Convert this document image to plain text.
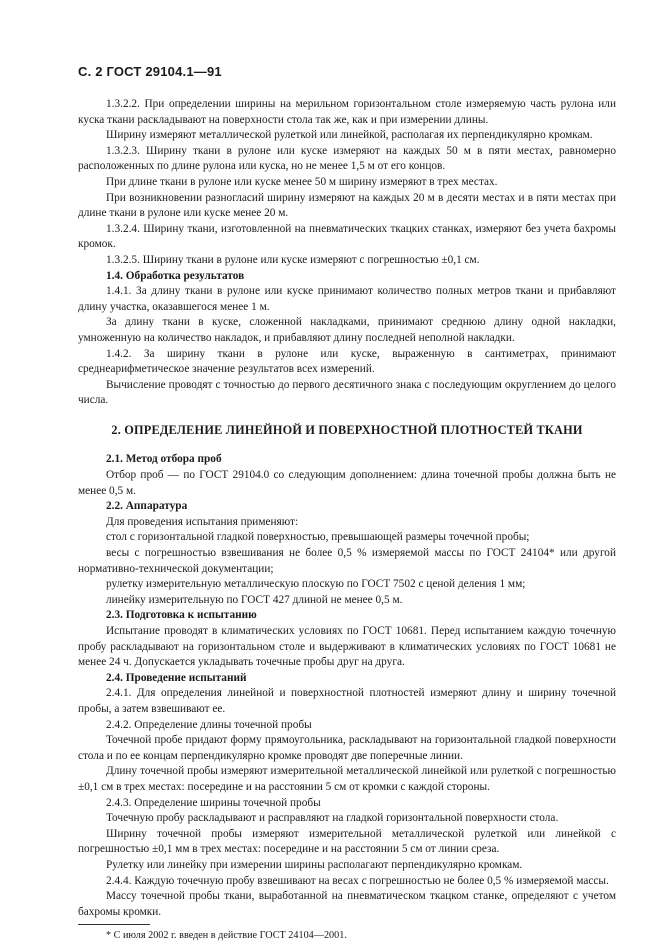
С. 2 ГОСТ 29104.1—91

1.3.2.2. При определении ширины на мерильном горизонтальном столе измеряемую часть рулона или куска ткани раскладывают на поверхности стола так же, как и при измерении длины.

Ширину измеряют металлической рулеткой или линейкой, располагая их перпендикулярно кромкам.

1.3.2.3. Ширину ткани в рулоне или куске измеряют на каждых 50 м в пяти местах, равномерно расположенных по длине рулона или куска, но не менее 1,5 м от его концов.

При длине ткани в рулоне или куске менее 50 м ширину измеряют в трех местах.

При возникновении разногласий ширину измеряют на каждых 20 м в десяти местах и в пяти местах при длине ткани в рулоне или куске менее 20 м.

1.3.2.4. Ширину ткани, изготовленной на пневматических ткацких станках, измеряют без учета бахромы кромок.

1.3.2.5. Ширину ткани в рулоне или куске измеряют с погрешностью ±0,1 см.

1.4. Обработка результатов

1.4.1. За длину ткани в рулоне или куске принимают количество полных метров ткани и прибавляют длину участка, оказавшегося менее 1 м.

За длину ткани в куске, сложенной накладками, принимают среднюю длину одной накладки, умноженную на количество накладок, и прибавляют длину последней неполной накладки.

1.4.2. За ширину ткани в рулоне или куске, выраженную в сантиметрах, принимают среднеарифметическое значение результатов всех измерений.

Вычисление проводят с точностью до первого десятичного знака с последующим округлением до целого числа.

2. ОПРЕДЕЛЕНИЕ ЛИНЕЙНОЙ И ПОВЕРХНОСТНОЙ ПЛОТНОСТЕЙ ТКАНИ

2.1. Метод отбора проб

Отбор проб — по ГОСТ 29104.0 со следующим дополнением: длина точечной пробы должна быть не менее 0,5 м.

2.2. Аппаратура

Для проведения испытания применяют:

стол с горизонтальной гладкой поверхностью, превышающей размеры точечной пробы;

весы с погрешностью взвешивания не более 0,5 % измеряемой массы по ГОСТ 24104* или другой нормативно-технической документации;

рулетку измерительную металлическую плоскую по ГОСТ 7502 с ценой деления 1 мм;

линейку измерительную по ГОСТ 427 длиной не менее 0,5 м.

2.3. Подготовка к испытанию

Испытание проводят в климатических условиях по ГОСТ 10681. Перед испытанием каждую точечную пробу раскладывают на горизонтальном столе и выдерживают в климатических условиях по ГОСТ 10681 не менее 24 ч. Допускается укладывать точечные пробы друг на друга.

2.4. Проведение испытаний

2.4.1. Для определения линейной и поверхностной плотностей измеряют длину и ширину точечной пробы, а затем взвешивают ее.

2.4.2. Определение длины точечной пробы

Точечной пробе придают форму прямоугольника, раскладывают на горизонтальной гладкой поверхности стола и по ее концам перпендикулярно кромке проводят две поперечные линии.

Длину точечной пробы измеряют измерительной металлической линейкой или рулеткой с погрешностью ±0,1 см в трех местах: посередине и на расстоянии 5 см от кромки с каждой стороны.

2.4.3. Определение ширины точечной пробы

Точечную пробу раскладывают и расправляют на гладкой горизонтальной поверхности стола.

Ширину точечной пробы измеряют измерительной металлической рулеткой или линейкой с погрешностью ±0,1 мм в трех местах: посередине и на расстоянии 5 см от линии среза.

Рулетку или линейку при измерении ширины располагают перпендикулярно кромкам.

2.4.4. Каждую точечную пробу взвешивают на весах с погрешностью не более 0,5 % измеряемой массы.

Массу точечной пробы ткани, выработанной на пневматическом ткацком станке, определяют с учетом бахромы кромки.

* С июля 2002 г. введен в действие ГОСТ 24104—2001.
